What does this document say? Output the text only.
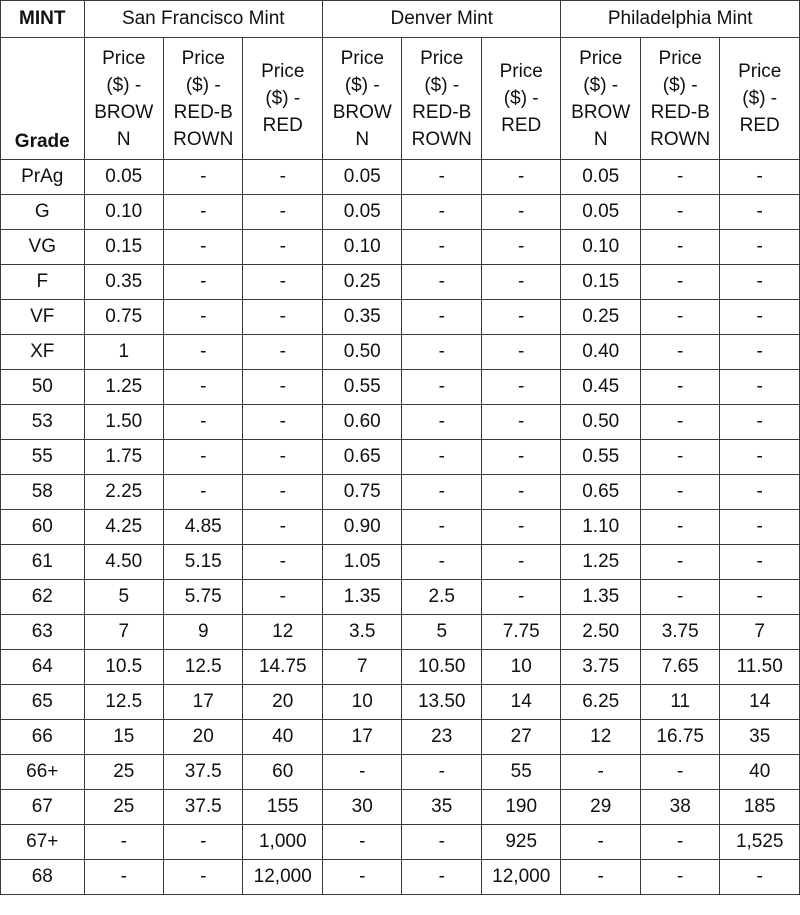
MINT	San Francisco Mint			Denver Mint			Philadelphia Mint		
Grade	Price
($) -
BROW
N	Price
($) -
RED-B
ROWN	Price
($) -
RED	Price
($) -
BROW
N	Price
($) -
RED-B
ROWN	Price
($) -
RED	Price
($) -
BROW
N	Price
($) -
RED-B
ROWN	Price
($) -
RED
PrAg	0.05	-	-	0.05	-	-	0.05	-	-
G	0.10	-	-	0.05	-	-	0.05	-	-
VG	0.15	-	-	0.10	-	-	0.10	-	-
F	0.35	-	-	0.25	-	-	0.15	-	-
VF	0.75	-	-	0.35	-	-	0.25	-	-
XF	1	-	-	0.50	-	-	0.40	-	-
50	1.25	-	-	0.55	-	-	0.45	-	-
53	1.50	-	-	0.60	-	-	0.50	-	-
55	1.75	-	-	0.65	-	-	0.55	-	-
58	2.25	-	-	0.75	-	-	0.65	-	-
60	4.25	4.85	-	0.90	-	-	1.10	-	-
61	4.50	5.15	-	1.05	-	-	1.25	-	-
62	5	5.75	-	1.35	2.5	-	1.35	-	-
63	7	9	12	3.5	5	7.75	2.50	3.75	7
64	10.5	12.5	14.75	7	10.50	10	3.75	7.65	11.50
65	12.5	17	20	10	13.50	14	6.25	11	14
66	15	20	40	17	23	27	12	16.75	35
66+	25	37.5	60	-	-	55	-	-	40
67	25	37.5	155	30	35	190	29	38	185
67+	-	-	1,000	-	-	925	-	-	1,525
68	-	-	12,000	-	-	12,000	-	-	-
